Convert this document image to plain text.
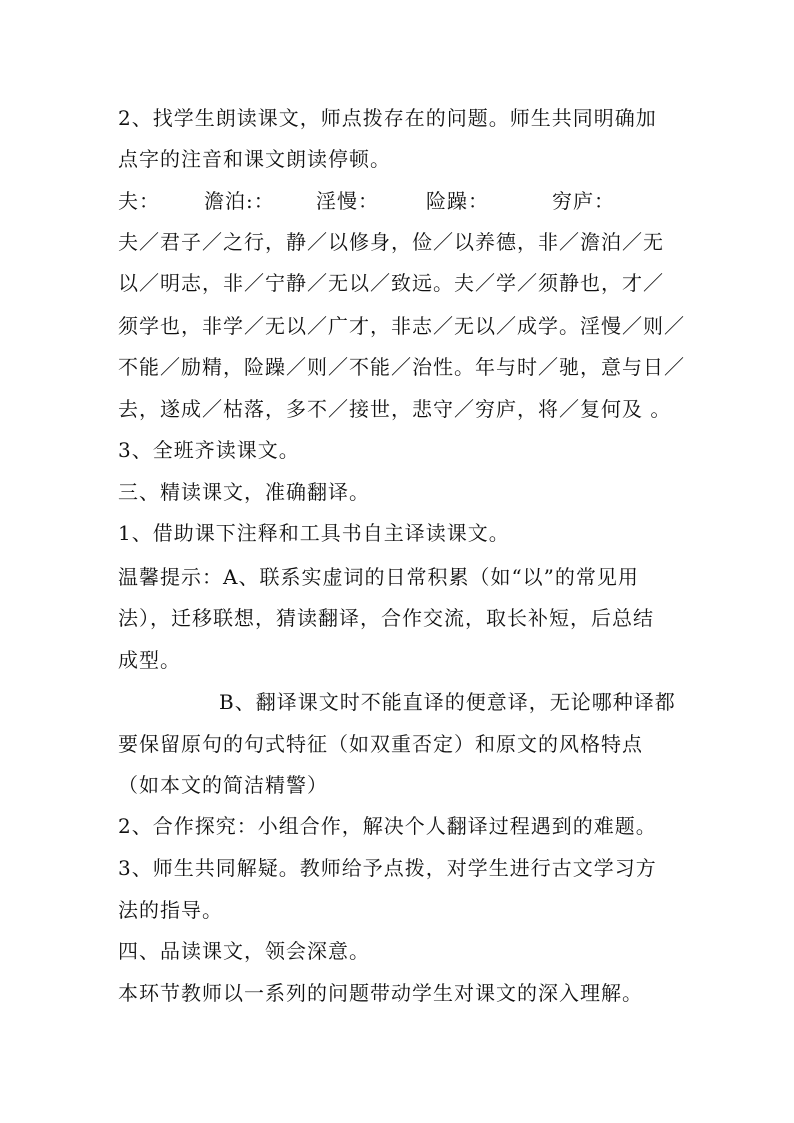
2、找学生朗读课文，师点拨存在的问题。师生共同明确加
点字的注音和课文朗读停顿。
夫： 澹泊:： 淫慢： 险躁：	穷庐：
夫／君子／之行，静／以修身，俭／以养德，非／澹泊／无
以／明志，非／宁静／无以／致远。夫／学／须静也，才／
须学也，非学／无以／广才，非志／无以／成学。淫慢／则／
不能／励精，险躁／则／不能／治性。年与时／驰，意与日／
去，遂成／枯落，多不／接世，悲守／穷庐，将／复何及 。
3、全班齐读课文。
三、精读课文，准确翻译。
1、借助课下注释和工具书自主译读课文。
温馨提示：A、联系实虚词的日常积累（如“以”的常见用
法），迁移联想，猜读翻译，合作交流，取长补短，后总结
成型。
B、翻译课文时不能直译的便意译，无论哪种译都
要保留原句的句式特征（如双重否定）和原文的风格特点
（如本文的简洁精警）
2、合作探究：小组合作，解决个人翻译过程遇到的难题。
3、师生共同解疑。教师给予点拨，对学生进行古文学习方
法的指导。
四、品读课文，领会深意。
本环节教师以一系列的问题带动学生对课文的深入理解。
